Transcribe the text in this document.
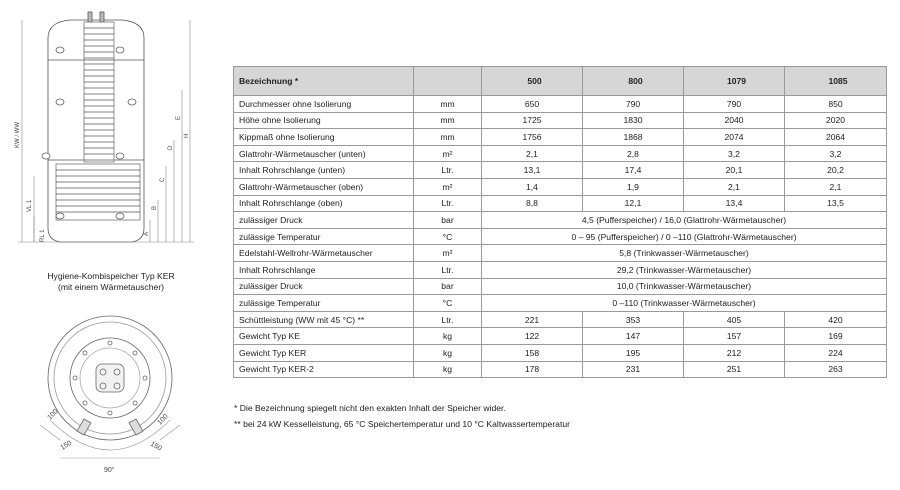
KW / WW
VL 1
RL 1	A
B
C
D
E
H
100	100
150	150
90°
Hygiene-Kombispeicher Typ KER
(mit einem Wärmetauscher)
Bezeichnung *		500	800	1079	1085
Durchmesser ohne Isolierung	mm	650	790	790	850
Höhe ohne Isolierung	mm	1725	1830	2040	2020
Kippmaß ohne Isolierung	mm	1756	1868	2074	2064
Glattrohr-Wärmetauscher (unten)	m²	2,1	2,8	3,2	3,2
Inhalt Rohrschlange (unten)	Ltr.	13,1	17,4	20,1	20,2
Glattrohr-Wärmetauscher (oben)	m²	1,4	1,9	2,1	2,1
Inhalt Rohrschlange (oben)	Ltr.	8,8	12,1	13,4	13,5
zulässiger Druck	bar	4,5 (Pufferspeicher) / 16,0 (Glattrohr-Wärmetauscher)			
zulässige Temperatur	°C	0 – 95 (Pufferspeicher) / 0 –110 (Glattrohr-Wärmetauscher)			
Edelstahl-Wellrohr-Wärmetauscher	m²	5,8 (Trinkwasser-Wärmetauscher)			
Inhalt Rohrschlange	Ltr.	29,2 (Trinkwasser-Wärmetauscher)			
zulässiger Druck	bar	10,0 (Trinkwasser-Wärmetauscher)			
zulässige Temperatur	°C	0 –110 (Trinkwasser-Wärmetauscher)			
Schüttleistung (WW mit 45 °C) **	Ltr.	221	353	405	420
Gewicht Typ KE	kg	122	147	157	169
Gewicht Typ KER	kg	158	195	212	224
Gewicht Typ KER-2	kg	178	231	251	263
* Die Bezeichnung spiegelt nicht den exakten Inhalt der Speicher wider.
** bei 24 kW Kesselleistung, 65 °C Speichertemperatur und 10 °C Kaltwassertemperatur
